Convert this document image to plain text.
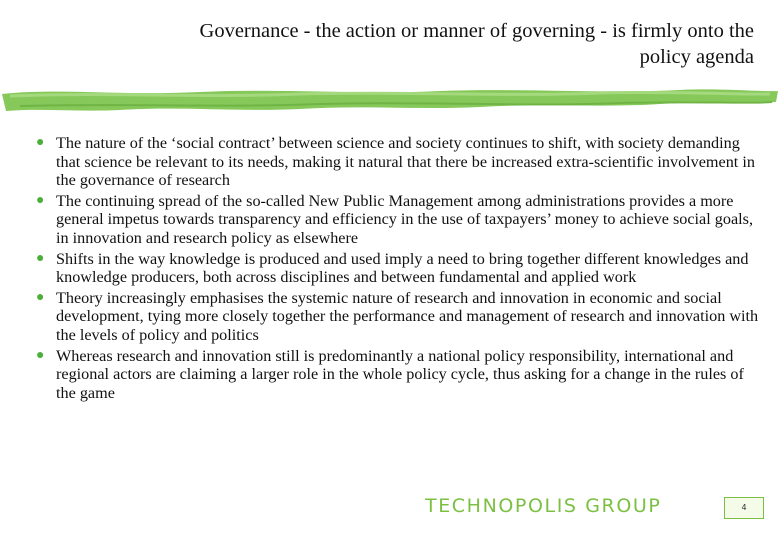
Governance - the action or manner of governing - is firmly onto the
policy agenda
● The nature of the ‘social contract’ between science and society continues to shift, with society demanding that science be relevant to its needs, making it natural that there be increased extra-scientific involvement in the governance of research
● The continuing spread of the so-called New Public Management among administrations provides a more general impetus towards transparency and efficiency in the use of taxpayers’ money to achieve social goals, in innovation and research policy as elsewhere
● Shifts in the way knowledge is produced and used imply a need to bring together different knowledges and knowledge producers, both across disciplines and between fundamental and applied work
● Theory increasingly emphasises the systemic nature of research and innovation in economic and social development, tying more closely together the performance and management of research and innovation with the levels of policy and politics
● Whereas research and innovation still is predominantly a national policy responsibility, international and regional actors are claiming a larger role in the whole policy cycle, thus asking for a change in the rules of the game
TECHNOPOLIS GROUP	4
